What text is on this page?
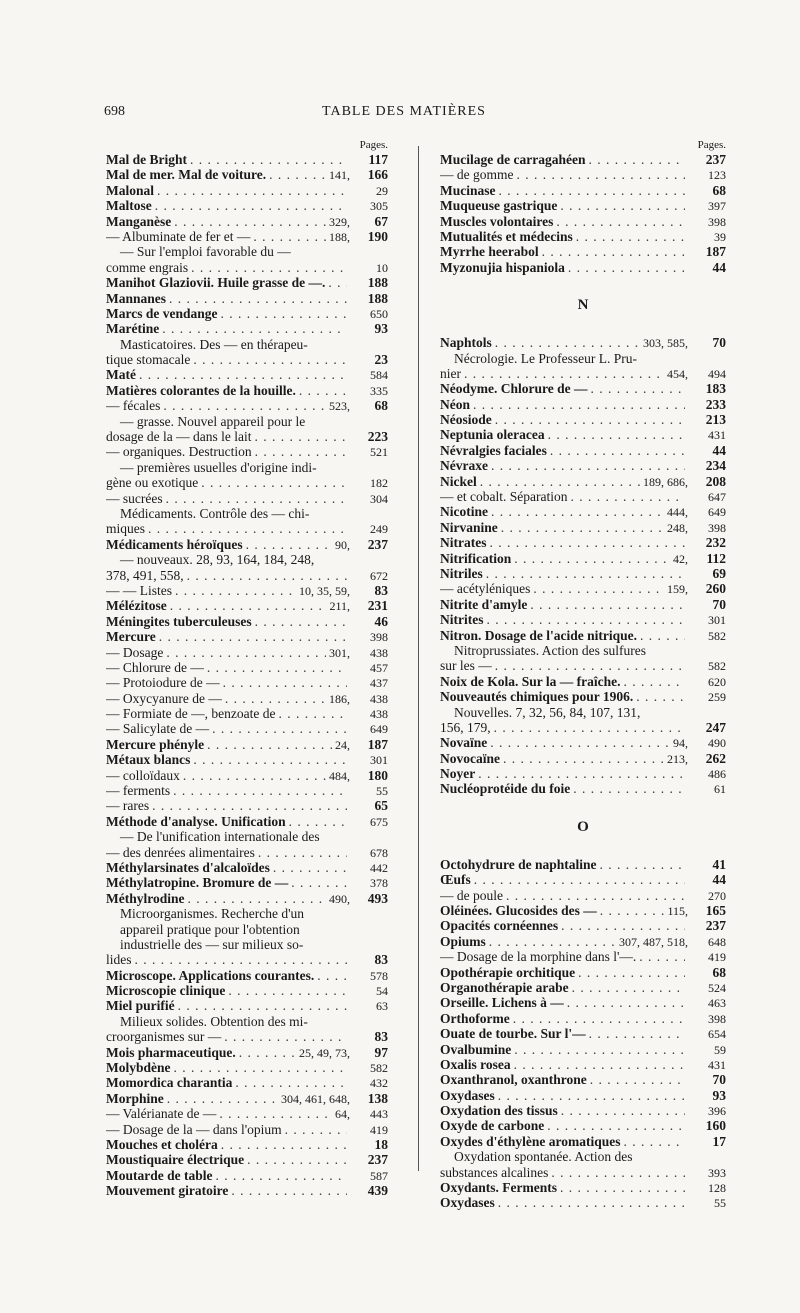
698	TABLE DES MATIÈRES
Pages.
Mal de Bright . . .	117
Mal de mer. Mal de voiture. . . .	141,	166
Malonal . . .	29
Maltose . . .	305
Manganèse . . .	329,	67
— Albuminate de fer et — . . .	188,	190
— Sur l'emploi favorable du —
comme engrais . . .	10
Manihot Glaziovii. Huile grasse de —. . . .	188
Mannanes . . .	188
Marcs de vendange . . .	650
Marétine . . .	93
Masticatoires. Des — en thérapeu-
tique stomacale . . .	23
Maté . . .	584
Matières colorantes de la houille. . . .	335
— fécales . . .	523,	68
— grasse. Nouvel appareil pour le
dosage de la — dans le lait . . .	223
— organiques. Destruction . . .	521
— premières usuelles d'origine indi-
gène ou exotique . . .	182
— sucrées . . .	304
Médicaments. Contrôle des — chi-
miques . . .	249
Médicaments héroïques . . .	90,	237
— nouveaux. 28, 93, 164, 184, 248,
378, 491, 558, . . .	672
— — Listes . . .	10, 35, 59,	83
Mélézitose . . .	211,	231
Méningites tuberculeuses . . .	46
Mercure . . .	398
— Dosage . . .	301,	438
— Chlorure de — . . .	457
— Protoiodure de — . . .	437
— Oxycyanure de — . . .	186,	438
— Formiate de —, benzoate de . . .	438
— Salicylate de — . . .	649
Mercure phényle . . .	24,	187
Métaux blancs . . .	301
— colloïdaux . . .	484,	180
— ferments . . .	55
— rares . . .	65
Méthode d'analyse. Unification . . .	675
— De l'unification internationale des
— des denrées alimentaires . . .	678
Méthylarsinates d'alcaloïdes . . .	442
Méthylatropine. Bromure de — . . .	378
Méthylrodine . . .	490,	493
Microorganismes. Recherche d'un
appareil pratique pour l'obtention
industrielle des — sur milieux so-
lides . . .	83
Microscope. Applications courantes. . . .	578
Microscopie clinique . . .	54
Miel purifié . . .	63
Milieux solides. Obtention des mi-
croorganismes sur — . . .	83
Mois pharmaceutique. . . .	25, 49, 73,	97
Molybdène . . .	582
Momordica charantia . . .	432
Morphine . . .	304, 461, 648,	138
— Valérianate de — . . .	64,	443
— Dosage de la — dans l'opium . . .	419
Mouches et choléra . . .	18
Moustiquaire électrique . . .	237
Moutarde de table . . .	587
Mouvement giratoire . . .	439
Pages.
Mucilage de carragahéen . . .	237
— de gomme . . .	123
Mucinase . . .	68
Muqueuse gastrique . . .	397
Muscles volontaires . . .	398
Mutualités et médecins . . .	39
Myrrhe heerabol . . .	187
Myzonujia hispaniola . . .	44
N
Naphtols . . .	303, 585,	70
Nécrologie. Le Professeur L. Pru-
nier . . .	454,	494
Néodyme. Chlorure de — . . .	183
Néon . . .	233
Néosiode . . .	213
Neptunia oleracea . . .	431
Névralgies faciales . . .	44
Névraxe . . .	234
Nickel . . .	189, 686,	208
— et cobalt. Séparation . . .	647
Nicotine . . .	444,	649
Nirvanine . . .	248,	398
Nitrates . . .	232
Nitrification . . .	42,	112
Nitriles . . .	69
— acétyléniques . . .	159,	260
Nitrite d'amyle . . .	70
Nitrites . . .	301
Nitron. Dosage de l'acide nitrique. . . .	582
Nitroprussiates. Action des sulfures
sur les — . . .	582
Noix de Kola. Sur la — fraîche. . . .	620
Nouveautés chimiques pour 1906. . . .	259
Nouvelles. 7, 32, 56, 84, 107, 131,
156, 179, . . .	247
Novaïne . . .	94,	490
Novocaïne . . .	213,	262
Noyer . . .	486
Nucléoprotéide du foie . . .	61
O
Octohydrure de naphtaline . . .	41
Œufs . . .	44
— de poule . . .	270
Oléinées. Glucosides des — . . .	115,	165
Opacités cornéennes . . .	237
Opiums . . .	307, 487, 518,	648
— Dosage de la morphine dans l'—. . . .	419
Opothérapie orchitique . . .	68
Organothérapie arabe . . .	524
Orseille. Lichens à — . . .	463
Orthoforme . . .	398
Ouate de tourbe. Sur l'— . . .	654
Ovalbumine . . .	59
Oxalis rosea . . .	431
Oxanthranol, oxanthrone . . .	70
Oxydases . . .	93
Oxydation des tissus . . .	396
Oxyde de carbone . . .	160
Oxydes d'éthylène aromatiques . . .	17
Oxydation spontanée. Action des
substances alcalines . . .	393
Oxydants. Ferments . . .	128
Oxydases . . .	55
